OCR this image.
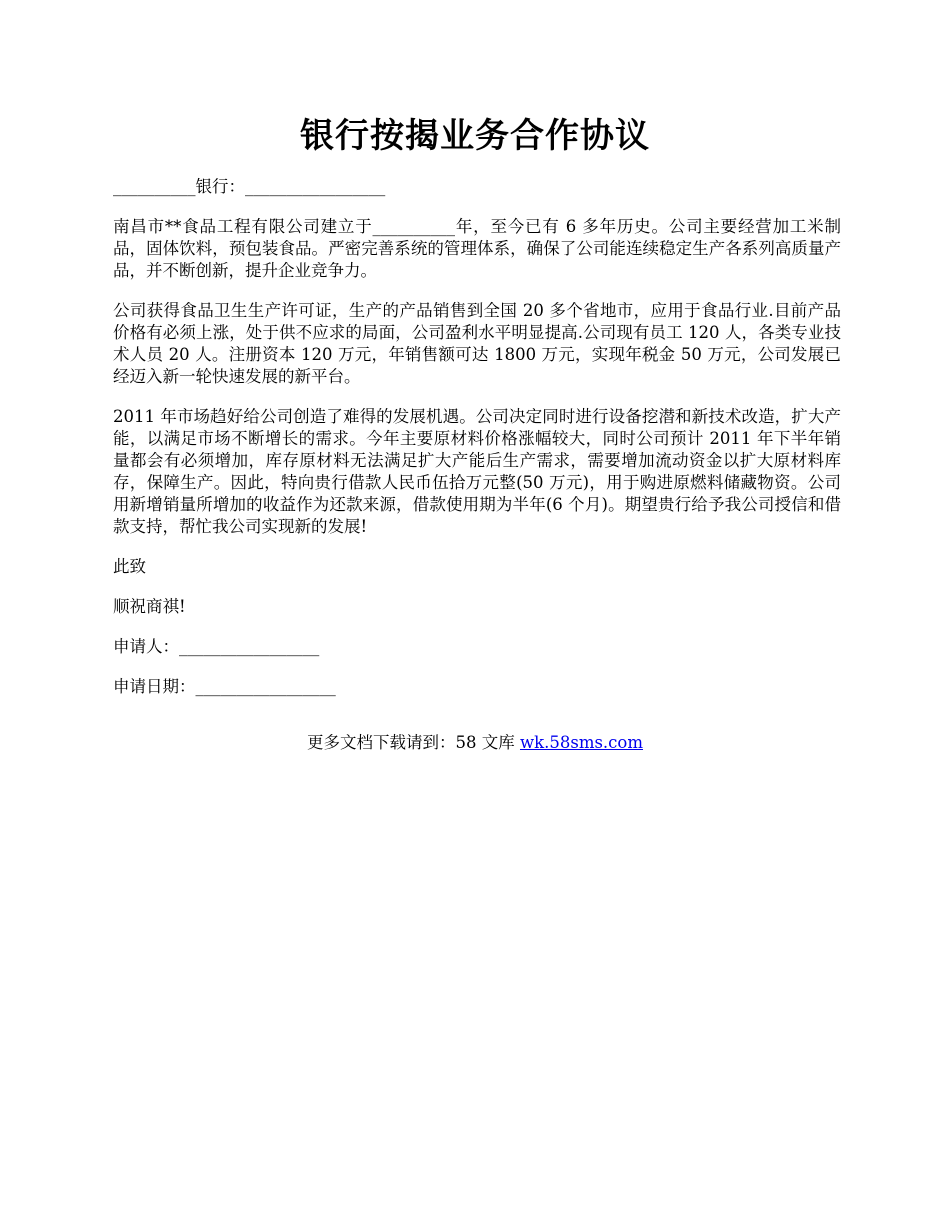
银行按揭业务合作协议

__________银行：_________________

南昌市**食品工程有限公司建立于__________年，至今已有 6 多年历史。公司主要经营加工米制品，固体饮料，预包装食品。严密完善系统的管理体系，确保了公司能连续稳定生产各系列高质量产品，并不断创新，提升企业竞争力。

公司获得食品卫生生产许可证，生产的产品销售到全国 20 多个省地市，应用于食品行业.目前产品价格有必须上涨，处于供不应求的局面，公司盈利水平明显提高.公司现有员工 120 人，各类专业技术人员 20 人。注册资本 120 万元，年销售额可达 1800 万元，实现年税金 50 万元，公司发展已经迈入新一轮快速发展的新平台。

2011 年市场趋好给公司创造了难得的发展机遇。公司决定同时进行设备挖潜和新技术改造，扩大产能，以满足市场不断增长的需求。今年主要原材料价格涨幅较大，同时公司预计 2011 年下半年销量都会有必须增加，库存原材料无法满足扩大产能后生产需求，需要增加流动资金以扩大原材料库存，保障生产。因此，特向贵行借款人民币伍拾万元整(50 万元)，用于购进原燃料储藏物资。公司用新增销量所增加的收益作为还款来源，借款使用期为半年(6 个月)。期望贵行给予我公司授信和借款支持，帮忙我公司实现新的发展!

此致

顺祝商祺!

申请人：_________________

申请日期：_________________

更多文档下载请到：58 文库 wk.58sms.com
